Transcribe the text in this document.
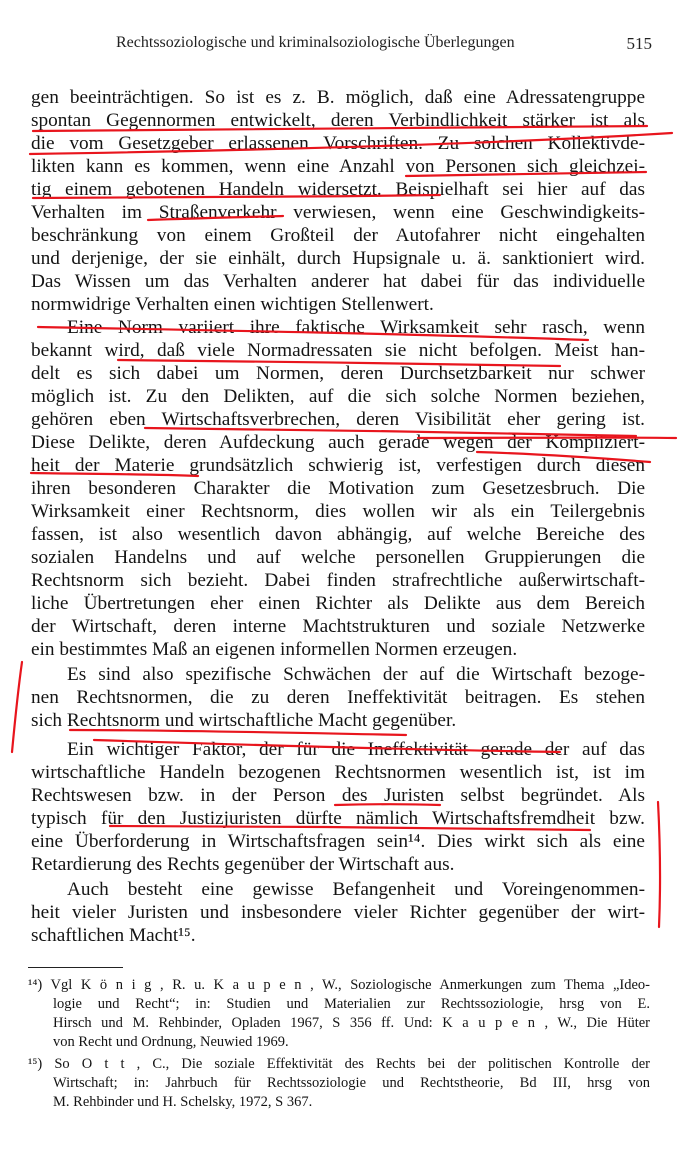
Rechtssoziologische und kriminalsoziologische Überlegungen	515
gen beeinträchtigen. So ist es z. B. möglich, daß eine Adressatengruppe
spontan Gegennormen entwickelt, deren Verbindlichkeit stärker ist als
die vom Gesetzgeber erlassenen Vorschriften. Zu solchen Kollektivde-
likten kann es kommen, wenn eine Anzahl von Personen sich gleichzei-
tig einem gebotenen Handeln widersetzt. Beispielhaft sei hier auf das
Verhalten im Straßenverkehr verwiesen, wenn eine Geschwindigkeits-
beschränkung von einem Großteil der Autofahrer nicht eingehalten
und derjenige, der sie einhält, durch Hupsignale u. ä. sanktioniert wird.
Das Wissen um das Verhalten anderer hat dabei für das individuelle
normwidrige Verhalten einen wichtigen Stellenwert.
Eine Norm variiert ihre faktische Wirksamkeit sehr rasch, wenn
bekannt wird, daß viele Normadressaten sie nicht befolgen. Meist han-
delt es sich dabei um Normen, deren Durchsetzbarkeit nur schwer
möglich ist. Zu den Delikten, auf die sich solche Normen beziehen,
gehören eben Wirtschaftsverbrechen, deren Visibilität eher gering ist.
Diese Delikte, deren Aufdeckung auch gerade wegen der Kompliziert-
heit der Materie grundsätzlich schwierig ist, verfestigen durch diesen
ihren besonderen Charakter die Motivation zum Gesetzesbruch. Die
Wirksamkeit einer Rechtsnorm, dies wollen wir als ein Teilergebnis
fassen, ist also wesentlich davon abhängig, auf welche Bereiche des
sozialen Handelns und auf welche personellen Gruppierungen die
Rechtsnorm sich bezieht. Dabei finden strafrechtliche außerwirtschaft-
liche Übertretungen eher einen Richter als Delikte aus dem Bereich
der Wirtschaft, deren interne Machtstrukturen und soziale Netzwerke
ein bestimmtes Maß an eigenen informellen Normen erzeugen.
Es sind also spezifische Schwächen der auf die Wirtschaft bezoge-
nen Rechtsnormen, die zu deren Ineffektivität beitragen. Es stehen
sich Rechtsnorm und wirtschaftliche Macht gegenüber.
Ein wichtiger Faktor, der für die Ineffektivität gerade der auf das
wirtschaftliche Handeln bezogenen Rechtsnormen wesentlich ist, ist im
Rechtswesen bzw. in der Person des Juristen selbst begründet. Als
typisch für den Justizjuristen dürfte nämlich Wirtschaftsfremdheit bzw.
eine Überforderung in Wirtschaftsfragen sein¹⁴. Dies wirkt sich als eine
Retardierung des Rechts gegenüber der Wirtschaft aus.
Auch besteht eine gewisse Befangenheit und Voreingenommen-
heit vieler Juristen und insbesondere vieler Richter gegenüber der wirt-
schaftlichen Macht¹⁵.
¹⁴) Vgl K ö n i g , R. u. K a u p e n , W., Soziologische Anmerkungen zum Thema „Ideo-
logie und Recht“; in: Studien und Materialien zur Rechtssoziologie, hrsg von E.
Hirsch und M. Rehbinder, Opladen 1967, S 356 ff. Und: K a u p e n , W., Die Hüter
von Recht und Ordnung, Neuwied 1969.
¹⁵) So O t t , C., Die soziale Effektivität des Rechts bei der politischen Kontrolle der
Wirtschaft; in: Jahrbuch für Rechtssoziologie und Rechtstheorie, Bd III, hrsg von
M. Rehbinder und H. Schelsky, 1972, S 367.
